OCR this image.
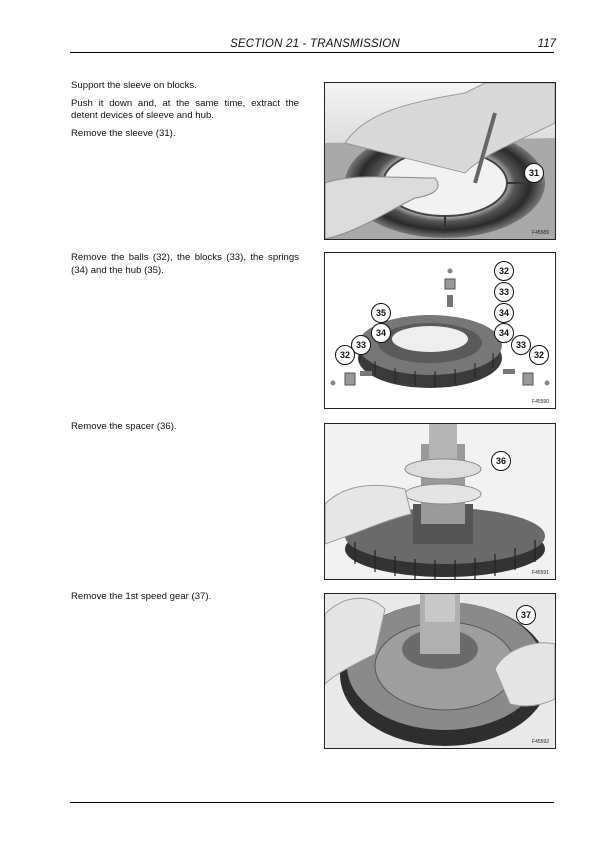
SECTION 21 - TRANSMISSION	117

Support the sleeve on blocks.

Push it down and, at the same time, extract the detent devices of sleeve and hub.

Remove the sleeve (31).

31
F45589

Remove the balls (32), the blocks (33), the springs (34) and the hub (35).	32
33
34
35
34
33
32
34
33
32
F45590

Remove the spacer (36).

36
F45591

Remove the 1st speed gear (37).

37
F45592
